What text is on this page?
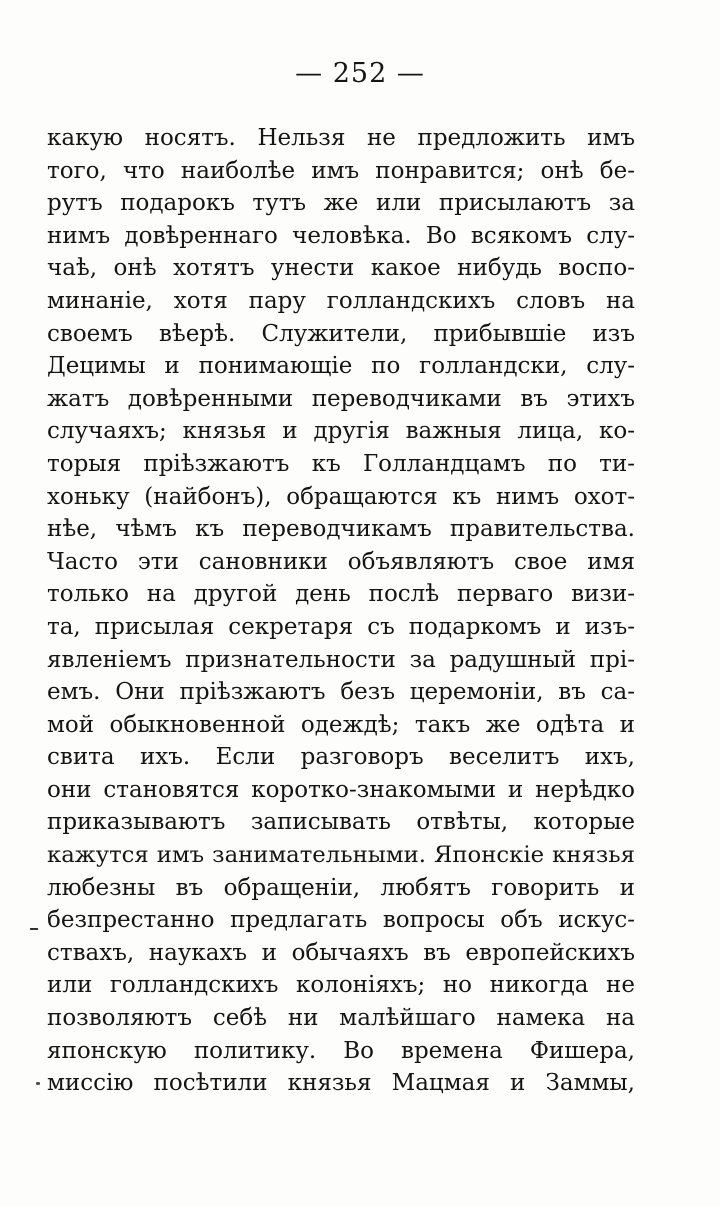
— 252 —
какую носятъ. Нельзя не предложить имъ
того, что наиболѣе имъ понравится; онѣ бе-
рутъ подарокъ тутъ же или присылаютъ за
нимъ довѣреннаго человѣка. Во всякомъ слу-
чаѣ, онѣ хотятъ унести какое нибудь воспо-
минаніе, хотя пару голландскихъ словъ на
своемъ вѣерѣ. Служители, прибывшіе изъ
Децимы и понимающіе по голландски, слу-
жатъ довѣренными переводчиками въ этихъ
случаяхъ; князья и другія важныя лица, ко-
торыя пріѣзжаютъ къ Голландцамъ по ти-
хоньку (найбонъ), обращаются къ нимъ охот-
нѣе, чѣмъ къ переводчикамъ правительства.
Часто эти сановники объявляютъ свое имя
только на другой день послѣ перваго визи-
та, присылая секретаря съ подаркомъ и изъ-
явленіемъ признательности за радушный прі-
емъ. Они пріѣзжаютъ безъ церемоніи, въ са-
мой обыкновенной одеждѣ; такъ же одѣта и
свита ихъ. Если разговоръ веселитъ ихъ,
они становятся коротко-знакомыми и нерѣдко
приказываютъ записывать отвѣты, которые
кажутся имъ занимательными. Японскіе князья
любезны въ обращеніи, любятъ говорить и
безпрестанно предлагать вопросы объ искус-
ствахъ, наукахъ и обычаяхъ въ европейскихъ
или голландскихъ колоніяхъ; но никогда не
позволяютъ себѣ ни малѣйшаго намека на
японскую политику. Во времена Фишера,
миссію посѣтили князья Мацмая и Заммы,
